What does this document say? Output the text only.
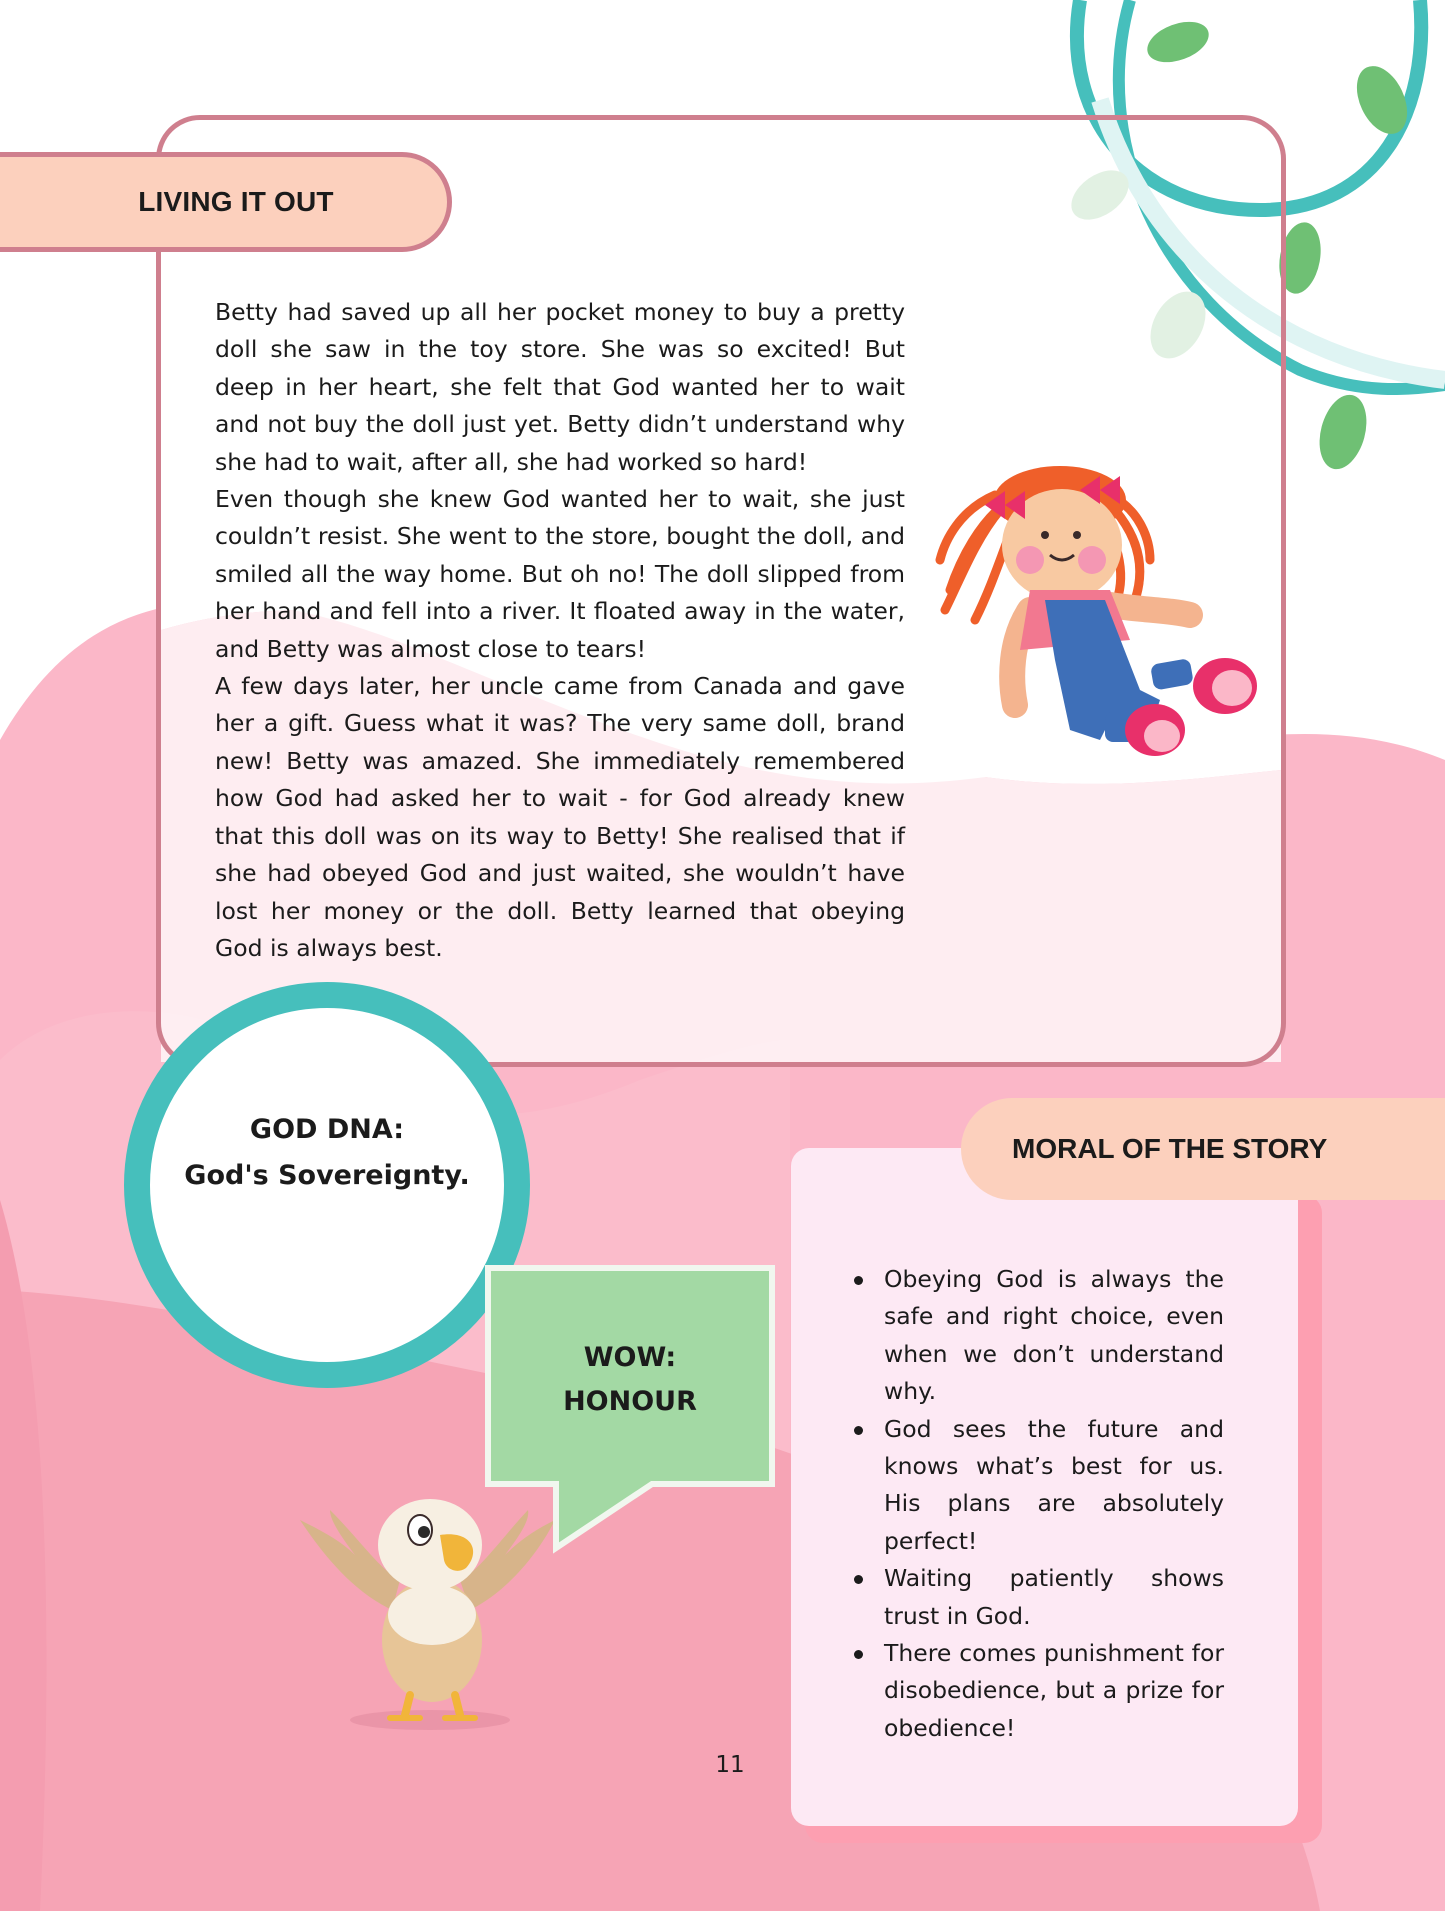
LIVING IT OUT

Betty had saved up all her pocket money to buy a pretty doll she saw in the toy store. She was so excited! But deep in her heart, she felt that God wanted her to wait and not buy the doll just yet. Betty didn’t understand why she had to wait, after all, she had worked so hard!

Even though she knew God wanted her to wait, she just couldn’t resist. She went to the store, bought the doll, and smiled all the way home. But oh no! The doll slipped from her hand and fell into a river. It floated away in the water, and Betty was almost close to tears!

A few days later, her uncle came from Canada and gave her a gift. Guess what it was? The very same doll, brand new! Betty was amazed. She immediately remembered how God had asked her to wait - for God already knew that this doll was on its way to Betty! She realised that if she had obeyed God and just waited, she wouldn’t have lost her money or the doll. Betty learned that obeying God is always best.

GOD DNA:
God's Sovereignty.
WOW:
HONOUR
MORAL OF THE STORY
Obeying God is always the safe and right choice, even when we don’t understand why.
God sees the future and knows what’s best for us. His plans are absolutely perfect!
Waiting patiently shows trust in God.
There comes punishment for disobedience, but a prize for obedience!
11
